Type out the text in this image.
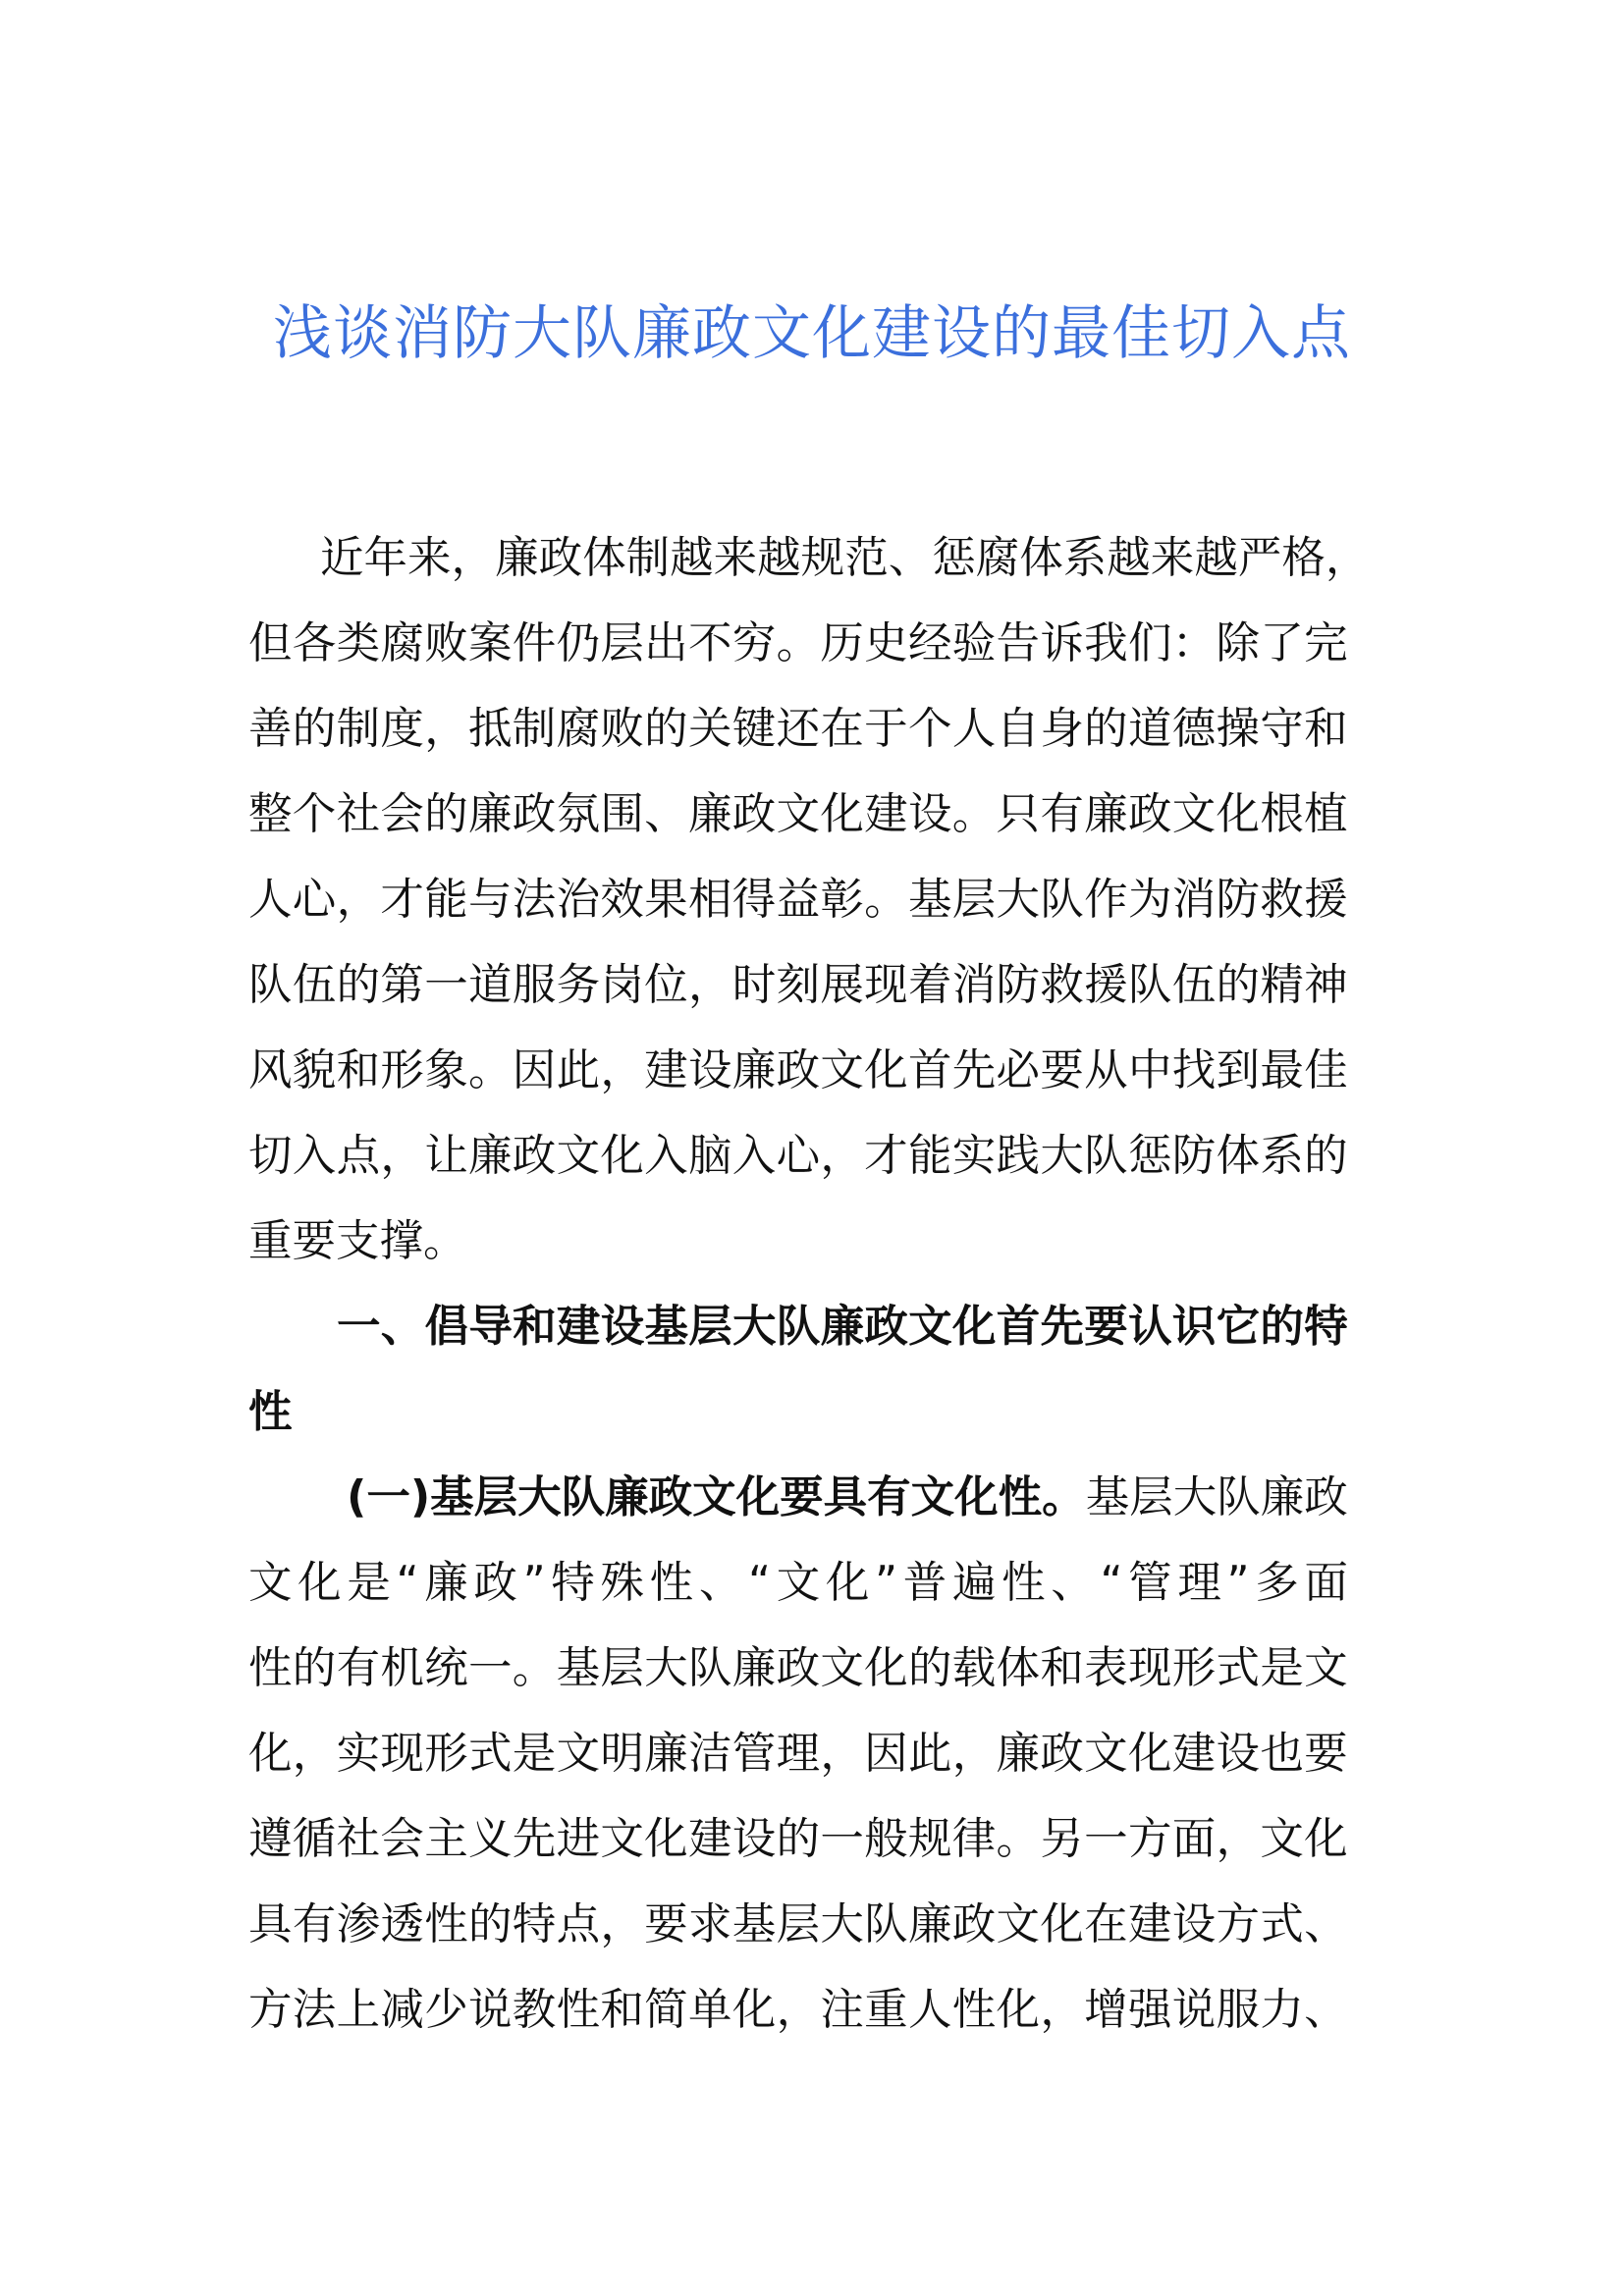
浅谈消防大队廉政文化建设的最佳切入点
近 年 来 ， 廉 政 体 制 越 来 越 规 范 、 惩 腐 体 系 越 来 越 严 格 ，
但 各 类 腐 败 案 件 仍 层 出 不 穷 。 历 史 经 验 告 诉 我 们 ： 除 了 完
善 的 制 度 ， 抵 制 腐 败 的 关 键 还 在 于 个 人 自 身 的 道 德 操 守 和
整 个 社 会 的 廉 政 氛 围 、 廉 政 文 化 建 设 。 只 有 廉 政 文 化 根 植
人 心 ， 才 能 与 法 治 效 果 相 得 益 彰 。 基 层 大 队 作 为 消 防 救 援
队 伍 的 第 一 道 服 务 岗 位 ， 时 刻 展 现 着 消 防 救 援 队 伍 的 精 神
风 貌 和 形 象 。 因 此 ， 建 设 廉 政 文 化 首 先 必 要 从 中 找 到 最 佳
切 入 点 ， 让 廉 政 文 化 入 脑 入 心 ， 才 能 实 践 大 队 惩 防 体 系 的
重要支撑。
一 、 倡 导 和 建 设 基 层 大 队 廉 政 文 化 首 先 要 认 识 它 的 特
性
(一)基层大队廉政文化要具有文化性。基层大队廉政
文 化 是 “ 廉 政 ” 特 殊 性 、 “ 文 化 ” 普 遍 性 、 “ 管 理 ” 多 面
性 的 有 机 统 一 。 基 层 大 队 廉 政 文 化 的 载 体 和 表 现 形 式 是 文
化 ， 实 现 形 式 是 文 明 廉 洁 管 理 ， 因 此 ， 廉 政 文 化 建 设 也 要
遵 循 社 会 主 义 先 进 文 化 建 设 的 一 般 规 律 。 另 一 方 面 ， 文 化
具 有 渗 透 性 的 特 点 ， 要 求 基 层 大 队 廉 政 文 化 在 建 设 方 式 、
方 法 上 减 少 说 教 性 和 简 单 化 ， 注 重 人 性 化 ， 增 强 说 服 力 、
